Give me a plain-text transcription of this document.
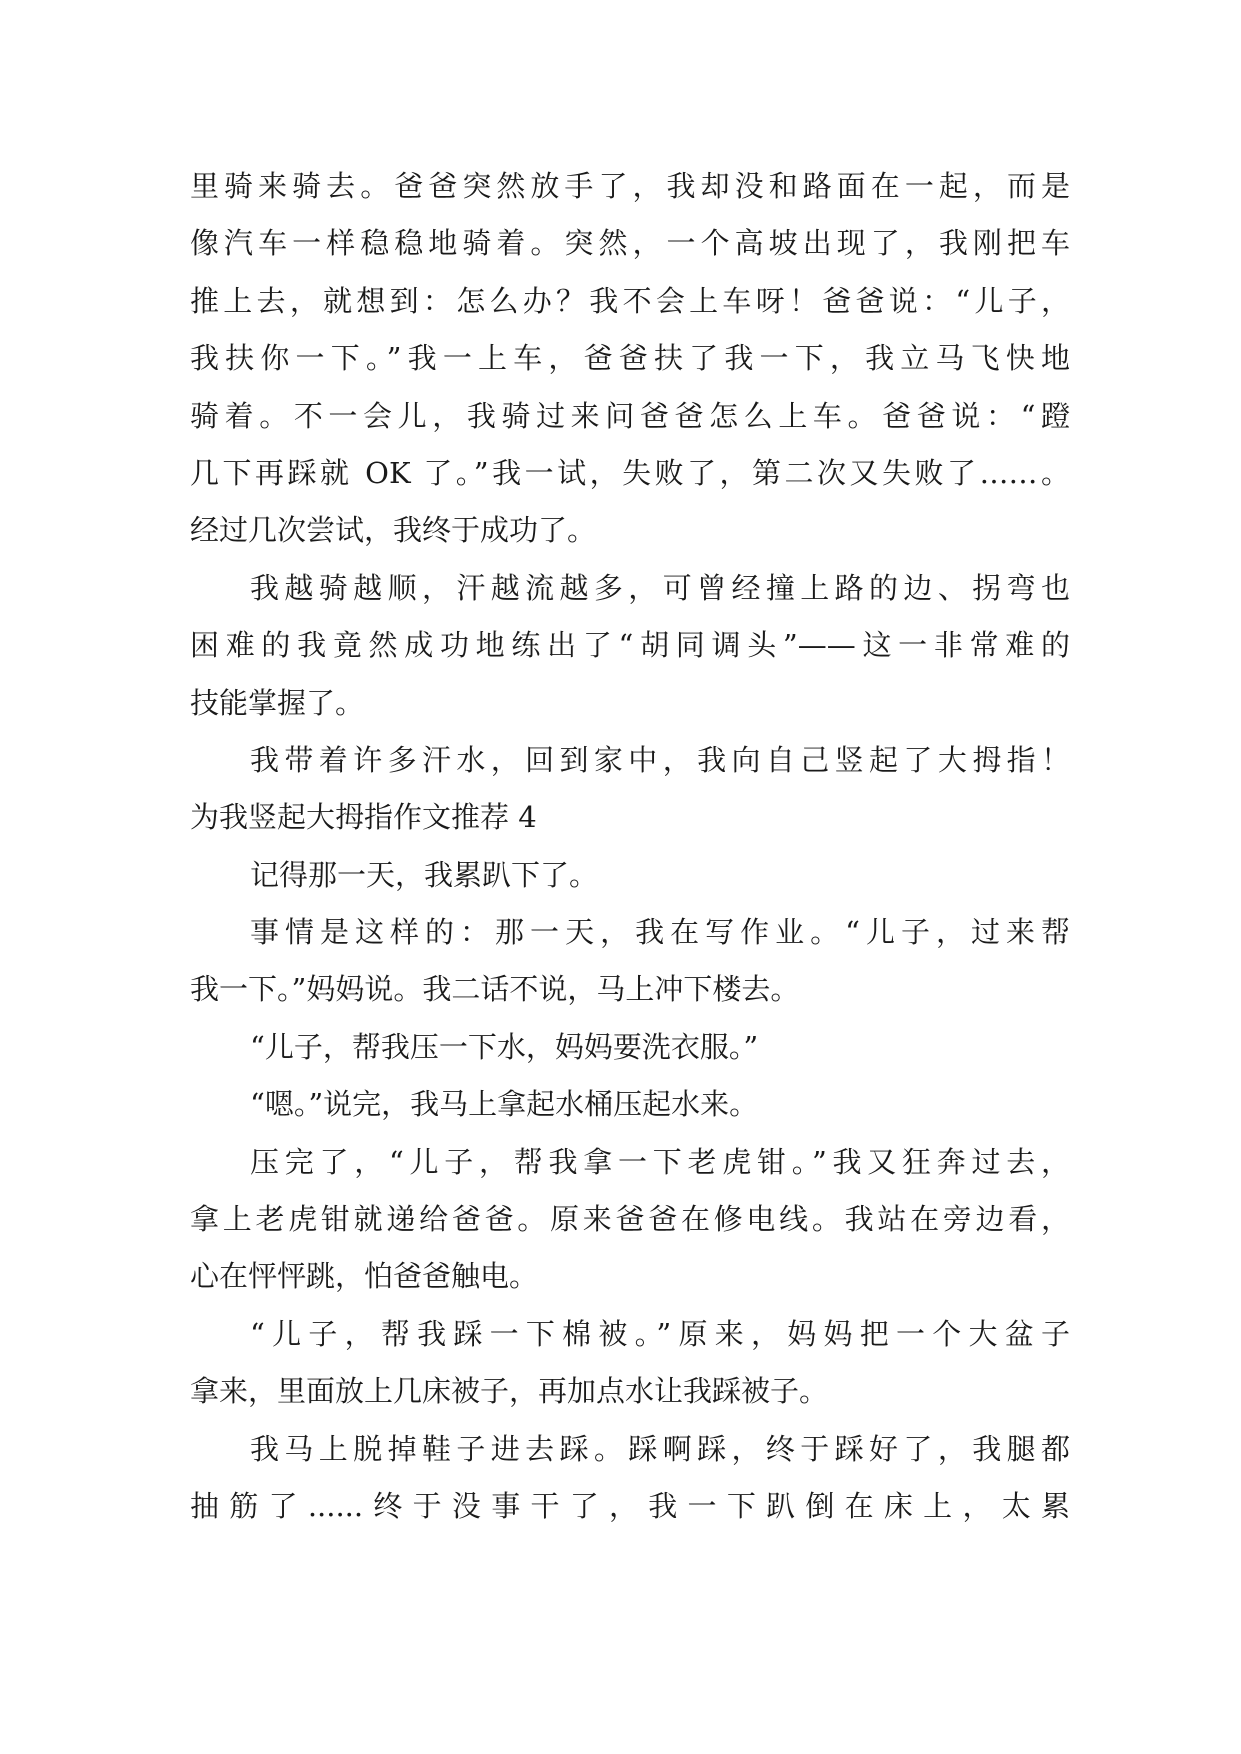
里骑来骑去。爸爸突然放手了，我却没和路面在一起，而是
像汽车一样稳稳地骑着。突然，一个高坡出现了，我刚把车
推上去，就想到：怎么办？我不会上车呀！爸爸说：“儿子，
我扶你一下。”我一上车，爸爸扶了我一下，我立马飞快地
骑着。不一会儿，我骑过来问爸爸怎么上车。爸爸说：“蹬
几下再踩就 OK 了。”我一试，失败了，第二次又失败了……。
经过几次尝试，我终于成功了。
我越骑越顺，汗越流越多，可曾经撞上路的边、拐弯也
困难的我竟然成功地练出了“胡同调头”——这一非常难的
技能掌握了。
我带着许多汗水，回到家中，我向自己竖起了大拇指！
为我竖起大拇指作文推荐 4
记得那一天，我累趴下了。
事情是这样的：那一天，我在写作业。“儿子，过来帮
我一下。”妈妈说。我二话不说，马上冲下楼去。
“儿子，帮我压一下水，妈妈要洗衣服。”
“嗯。”说完，我马上拿起水桶压起水来。
压完了，“儿子，帮我拿一下老虎钳。”我又狂奔过去，
拿上老虎钳就递给爸爸。原来爸爸在修电线。我站在旁边看，
心在怦怦跳，怕爸爸触电。
“儿子，帮我踩一下棉被。”原来，妈妈把一个大盆子
拿来，里面放上几床被子，再加点水让我踩被子。
我马上脱掉鞋子进去踩。踩啊踩，终于踩好了，我腿都
抽筋了......终于没事干了，我一下趴倒在床上，太累
